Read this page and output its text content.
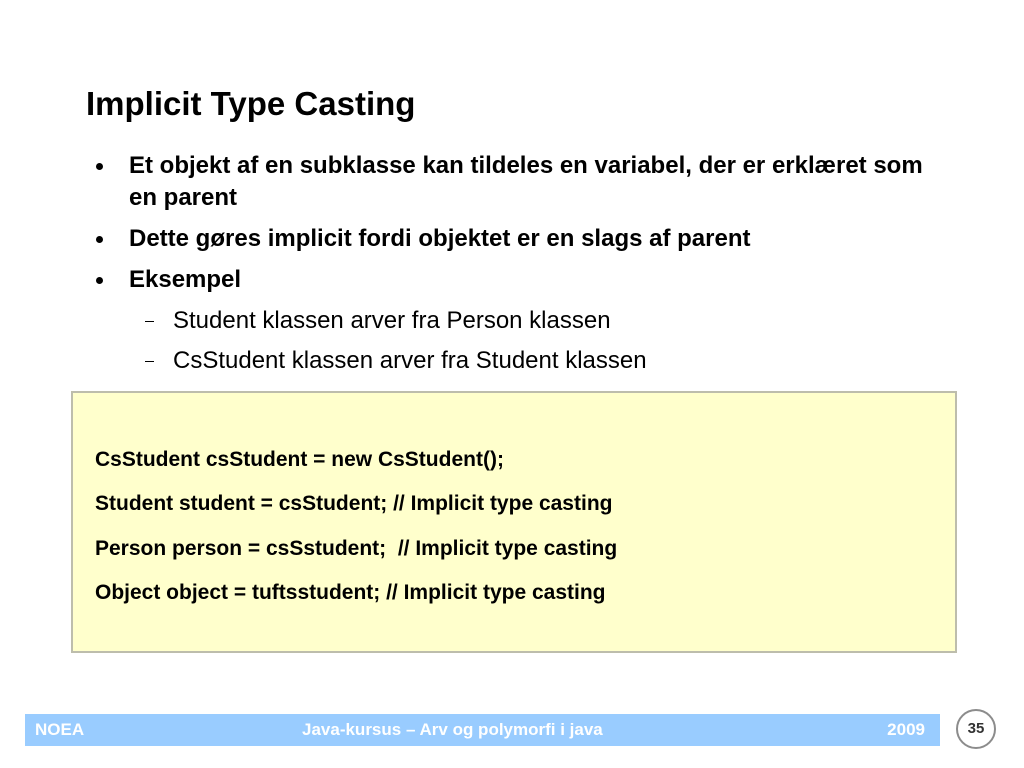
Implicit Type Casting
Et objekt af en subklasse kan tildeles en variabel, der er erklæret som en parent
Dette gøres implicit fordi objektet er en slags af parent
Eksempel
Student klassen arver fra Person klassen
CsStudent klassen arver fra Student klassen
CsStudent csStudent = new CsStudent();
Student student = csStudent; // Implicit type casting
Person person = csSstudent;  // Implicit type casting
Object object = tuftsstudent; // Implicit type casting
NOEA	Java-kursus – Arv og polymorfi i java	2009	35
